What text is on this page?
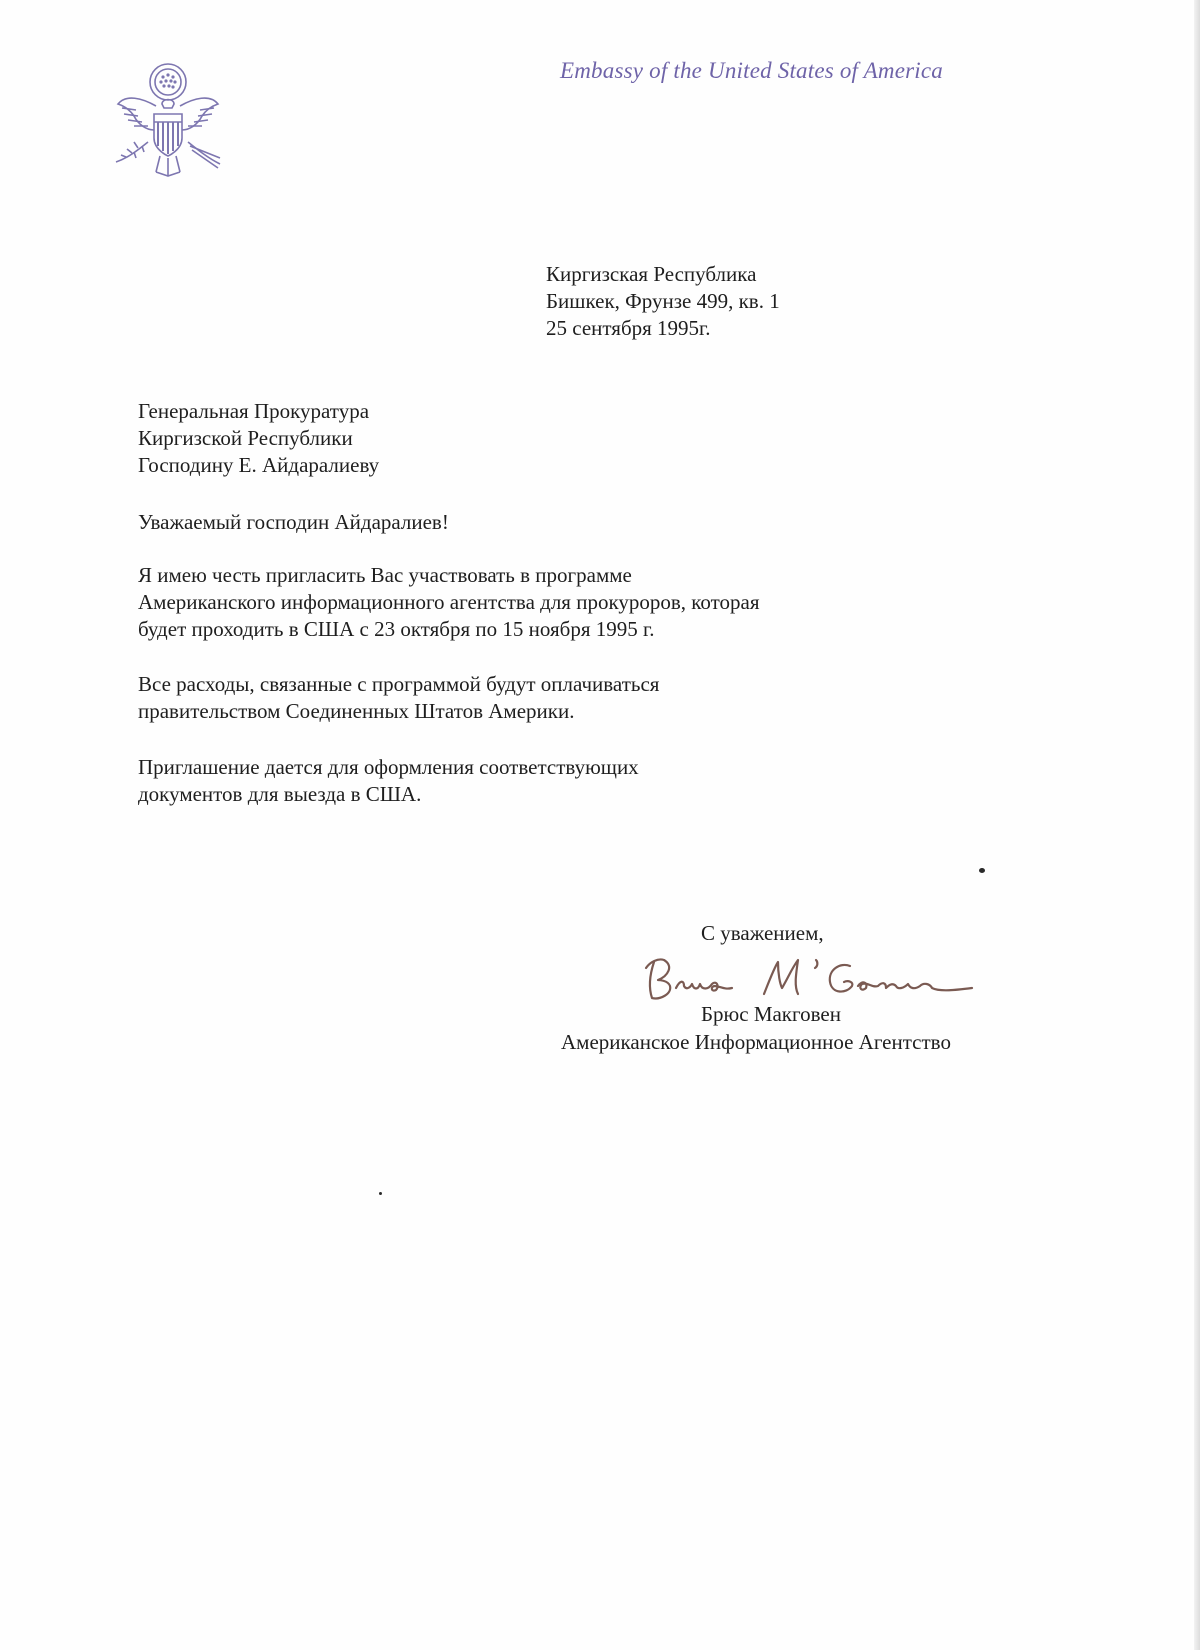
Embassy of the United States of America
Киргизская Республика
Бишкек, Фрунзе 499, кв. 1
25 сентября 1995г.
Генеральная Прокуратура
Киргизской Республики
Господину Е. Айдаралиеву
Уважаемый господин Айдаралиев!
Я имею честь пригласить Вас участвовать в программе
Американского информационного агентства для прокуроров, которая
будет проходить в США с 23 октября по 15 ноября 1995 г.
Все расходы, связанные с программой будут оплачиваться
правительством Соединенных Штатов Америки.
Приглашение дается для оформления соответствующих
документов для выезда в США.
С уважением,
Брюс Макговен
Американское Информационное Агентство
